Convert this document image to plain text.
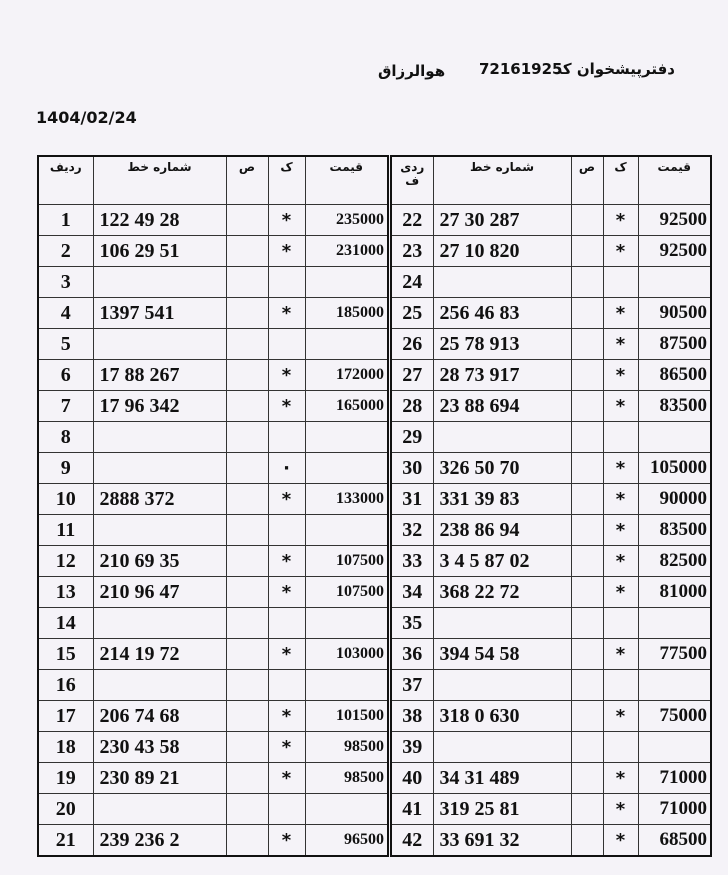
دفترپیشخوان کد
72161925
هوالرزاق
1404/02/24
ردیف	شماره خط	ص	ک	قیمت
1	122 49 28		*	235000
2	106 29 51		*	231000
3				
4	1397 541		*	185000
5				
6	17 88 267		*	172000
7	17 96 342		*	165000
8				
9			·	
10	2888 372		*	133000
11				
12	210 69 35		*	107500
13	210 96 47		*	107500
14				
15	214 19 72		*	103000
16				
17	206 74 68		*	101500
18	230 43 58		*	98500
19	230 89 21		*	98500
20				
21	239 236 2		*	96500
ردی ف	شماره خط	ص	ک	قیمت
22	27 30 287		*	92500
23	27 10 820		*	92500
24				
25	256 46 83		*	90500
26	25 78 913		*	87500
27	28 73 917		*	86500
28	23 88 694		*	83500
29				
30	326 50 70		*	105000
31	331 39 83		*	90000
32	238 86 94		*	83500
33	3 4 5 87 02		*	82500
34	368 22 72		*	81000
35				
36	394 54 58		*	77500
37				
38	318 0 630		*	75000
39				
40	34 31 489		*	71000
41	319 25 81		*	71000
42	33 691 32		*	68500
